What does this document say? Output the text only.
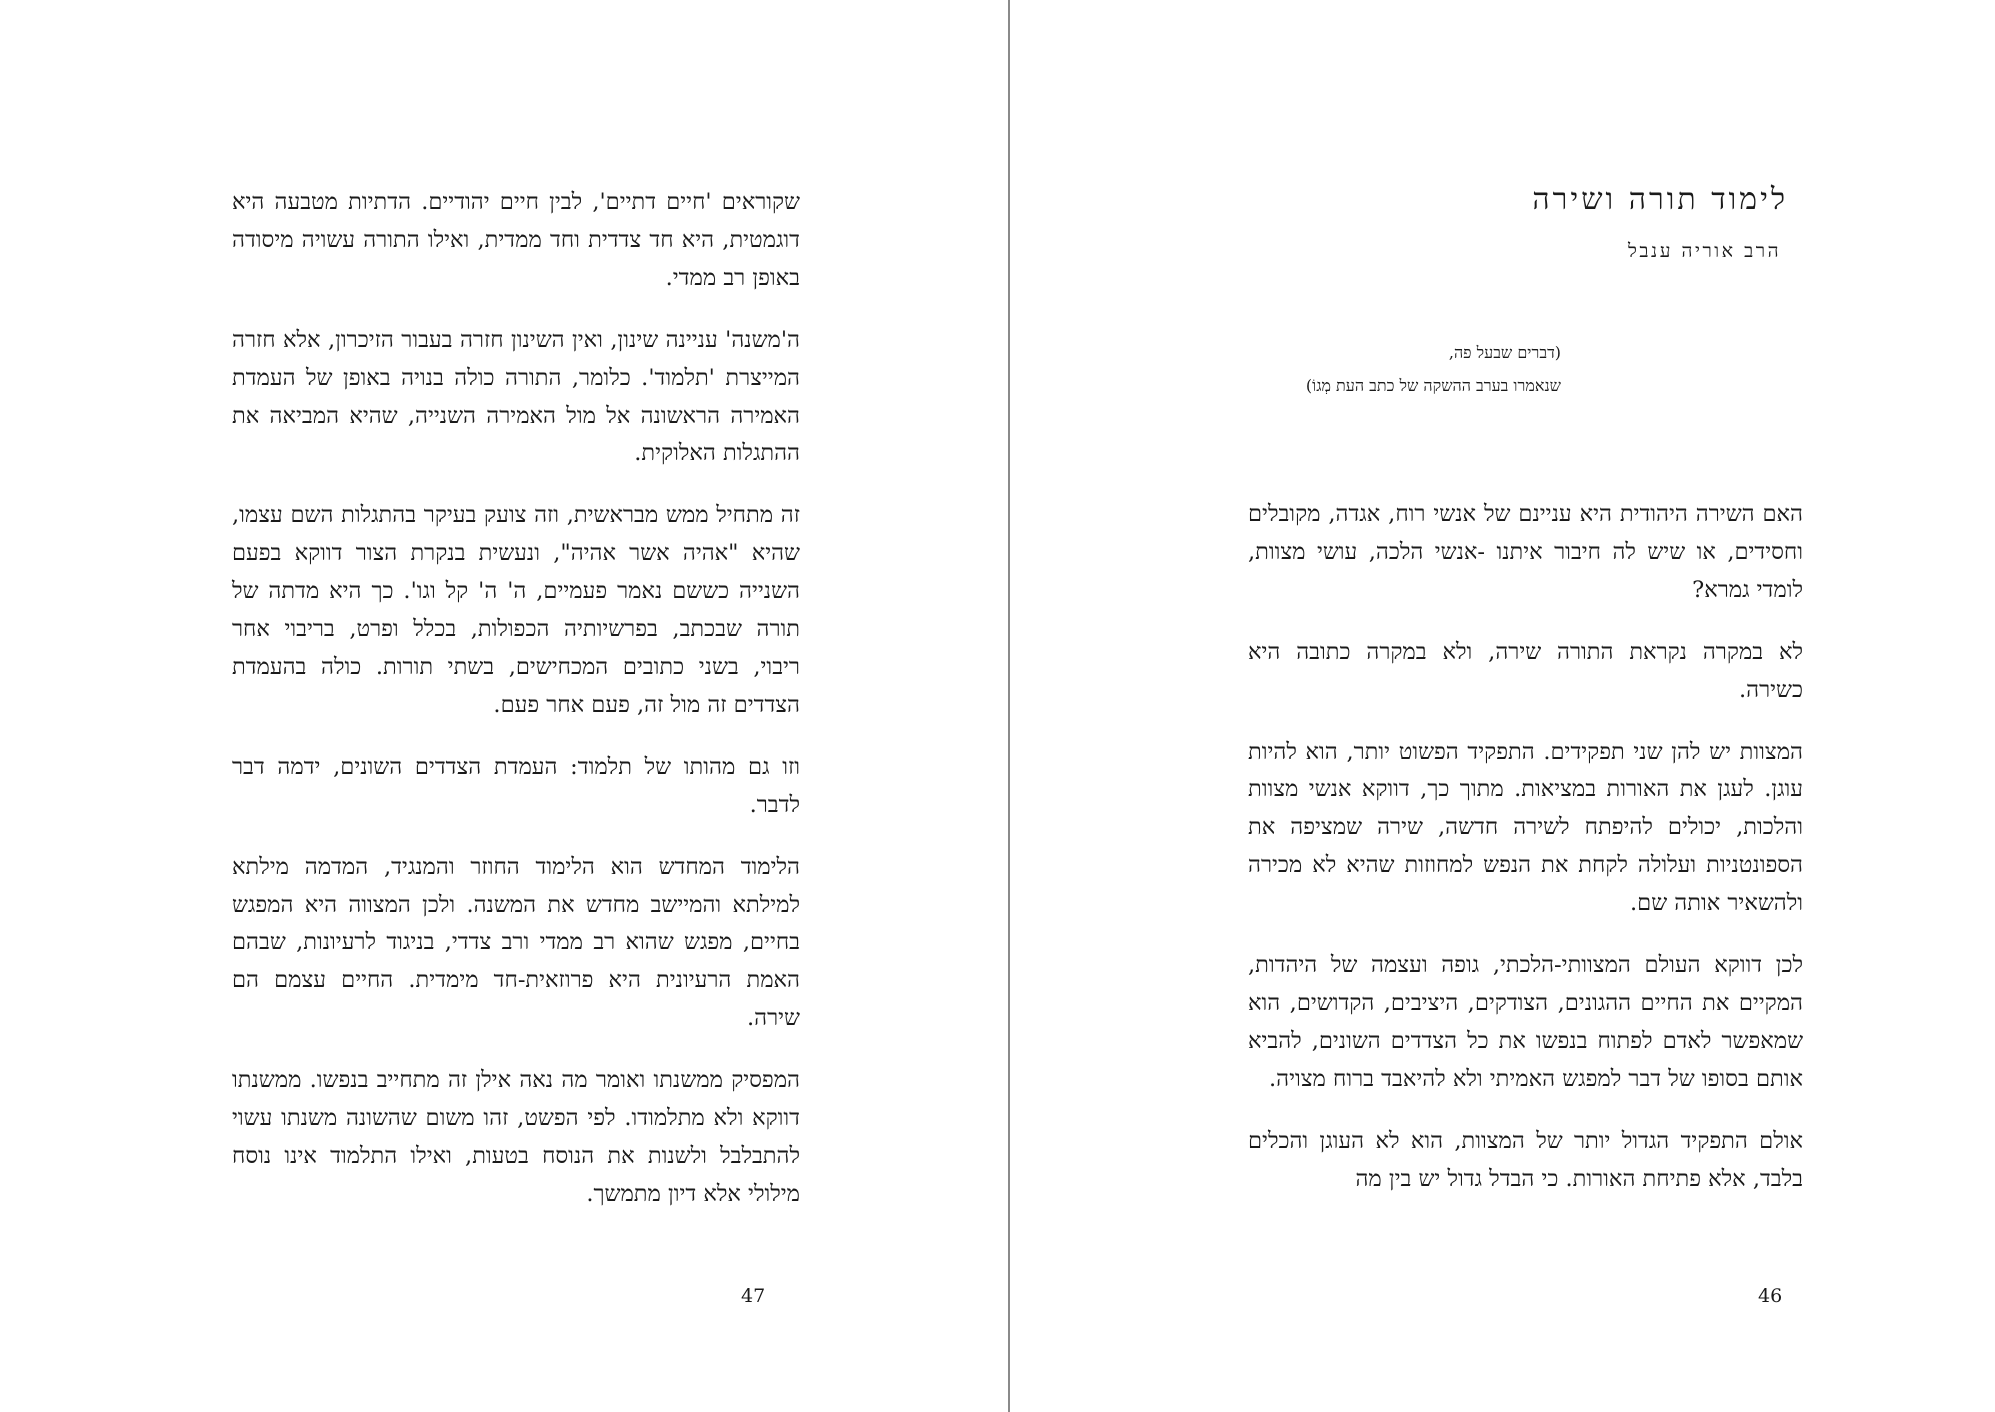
שקוראים 'חיים דתיים', לבין חיים יהודיים. הדתיות מטבעה היא דוגמטית, היא חד צדדית וחד ממדית, ואילו התורה עשויה מיסודה באופן רב ממדי.

ה'משנה' עניינה שינון, ואין השינון חזרה בעבור הזיכרון, אלא חזרה המייצרת 'תלמוד'. כלומר, התורה כולה בנויה באופן של העמדת האמירה הראשונה אל מול האמירה השנייה, שהיא המביאה את ההתגלות האלוקית.

זה מתחיל ממש מבראשית, וזה צועק בעיקר בהתגלות השם עצמו, שהיא "אהיה אשר אהיה", ונעשית בנקרת הצור דווקא בפעם השנייה כששם נאמר פעמיים, ה' ה' קל וגו'. כך היא מדתה של תורה שבכתב, בפרשיותיה הכפולות, בכלל ופרט, בריבוי אחר ריבוי, בשני כתובים המכחישים, בשתי תורות. כולה בהעמדת הצדדים זה מול זה, פעם אחר פעם.

וזו גם מהותו של תלמוד: העמדת הצדדים השונים, ידמה דבר לדבר.

הלימוד המחדש הוא הלימוד החוזר והמנגיד, המדמה מילתא למילתא והמיישב מחדש את המשנה. ולכן המצווה היא המפגש בחיים, מפגש שהוא רב ממדי ורב צדדי, בניגוד לרעיונות, שבהם האמת הרעיונית היא פרוזאית-חד מימדית. החיים עצמם הם שירה.

המפסיק ממשנתו ואומר מה נאה אילן זה מתחייב בנפשו. ממשנתו דווקא ולא מתלמודו. לפי הפשט, זהו משום שהשונה משנתו עשוי להתבלבל ולשנות את הנוסח בטעות, ואילו התלמוד אינו נוסח מילולי אלא דיון מתמשך.

47
לימוד תורה ושירה
הרב אוריה ענבל
(דברים שבעל פה,
שנאמרו בערב ההשקה של כתב העת מְגוֹ)

האם השירה היהודית היא עניינם של אנשי רוח, אגדה, מקובלים וחסידים, או שיש לה חיבור איתנו -אנשי הלכה, עושי מצוות, לומדי גמרא?

לא במקרה נקראת התורה שירה, ולא במקרה כתובה היא כשירה.

המצוות יש להן שני תפקידים. התפקיד הפשוט יותר, הוא להיות עוגן. לעגן את האורות במציאות. מתוך כך, דווקא אנשי מצוות והלכות, יכולים להיפתח לשירה חדשה, שירה שמציפה את הספונטניות ועלולה לקחת את הנפש למחוזות שהיא לא מכירה ולהשאיר אותה שם.

לכן דווקא העולם המצוותי-הלכתי, גופה ועצמה של היהדות, המקיים את החיים ההגונים, הצודקים, היציבים, הקדושים, הוא שמאפשר לאדם לפתוח בנפשו את כל הצדדים השונים, להביא אותם בסופו של דבר למפגש האמיתי ולא להיאבד ברוח מצויה.

אולם התפקיד הגדול יותר של המצוות, הוא לא העוגן והכלים בלבד, אלא פתיחת האורות. כי הבדל גדול יש בין מה

46
